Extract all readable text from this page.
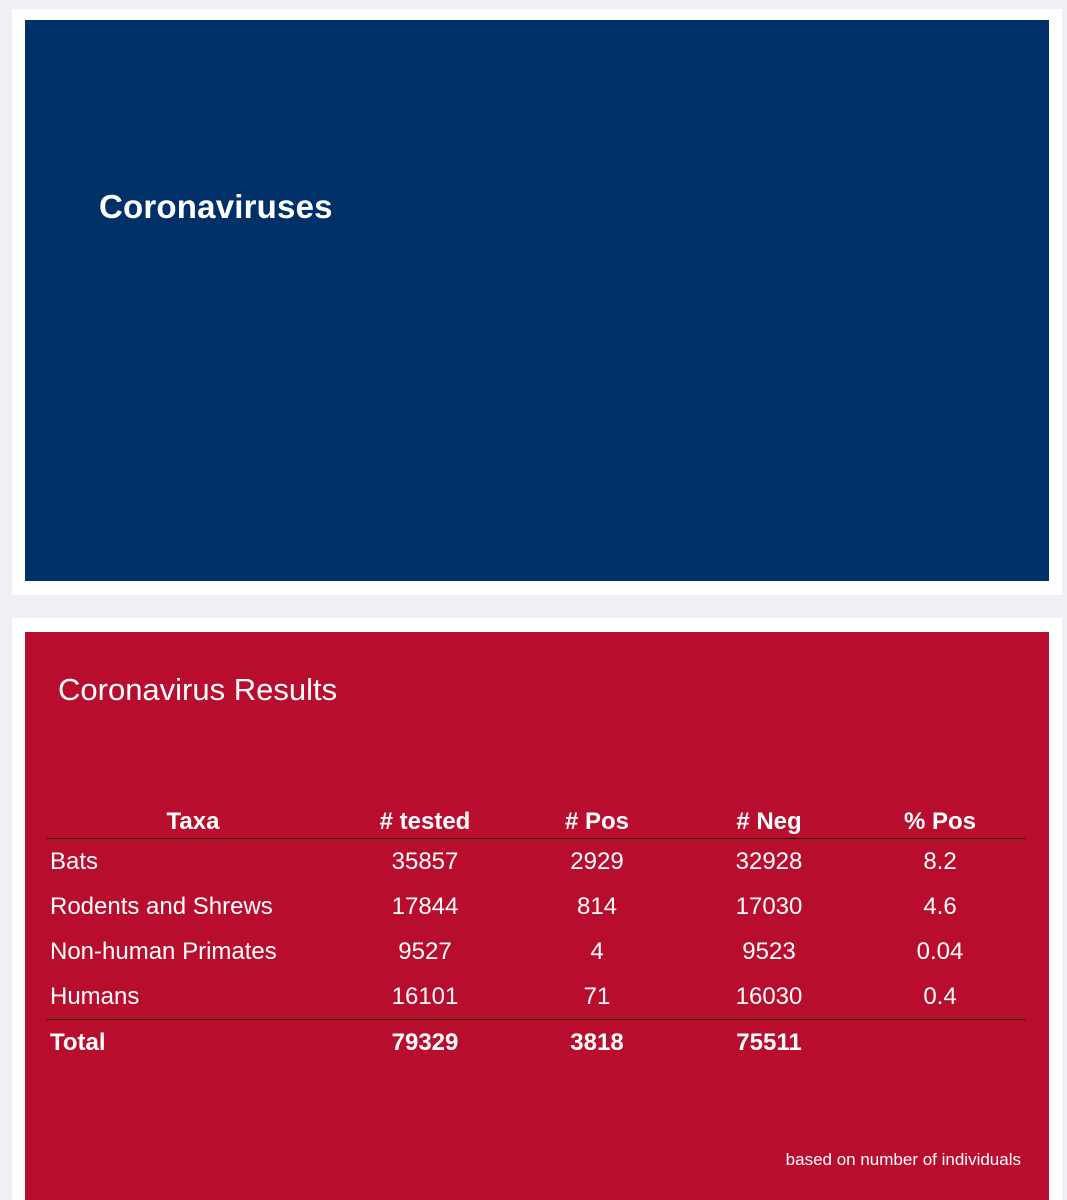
Coronaviruses
Coronavirus Results
Taxa	# tested	# Pos	# Neg	% Pos
Bats	35857	2929	32928	8.2
Rodents and Shrews	17844	814	17030	4.6
Non-human Primates	9527	4	9523	0.04
Humans	16101	71	16030	0.4
Total	79329	3818	75511	
based on number of individuals
